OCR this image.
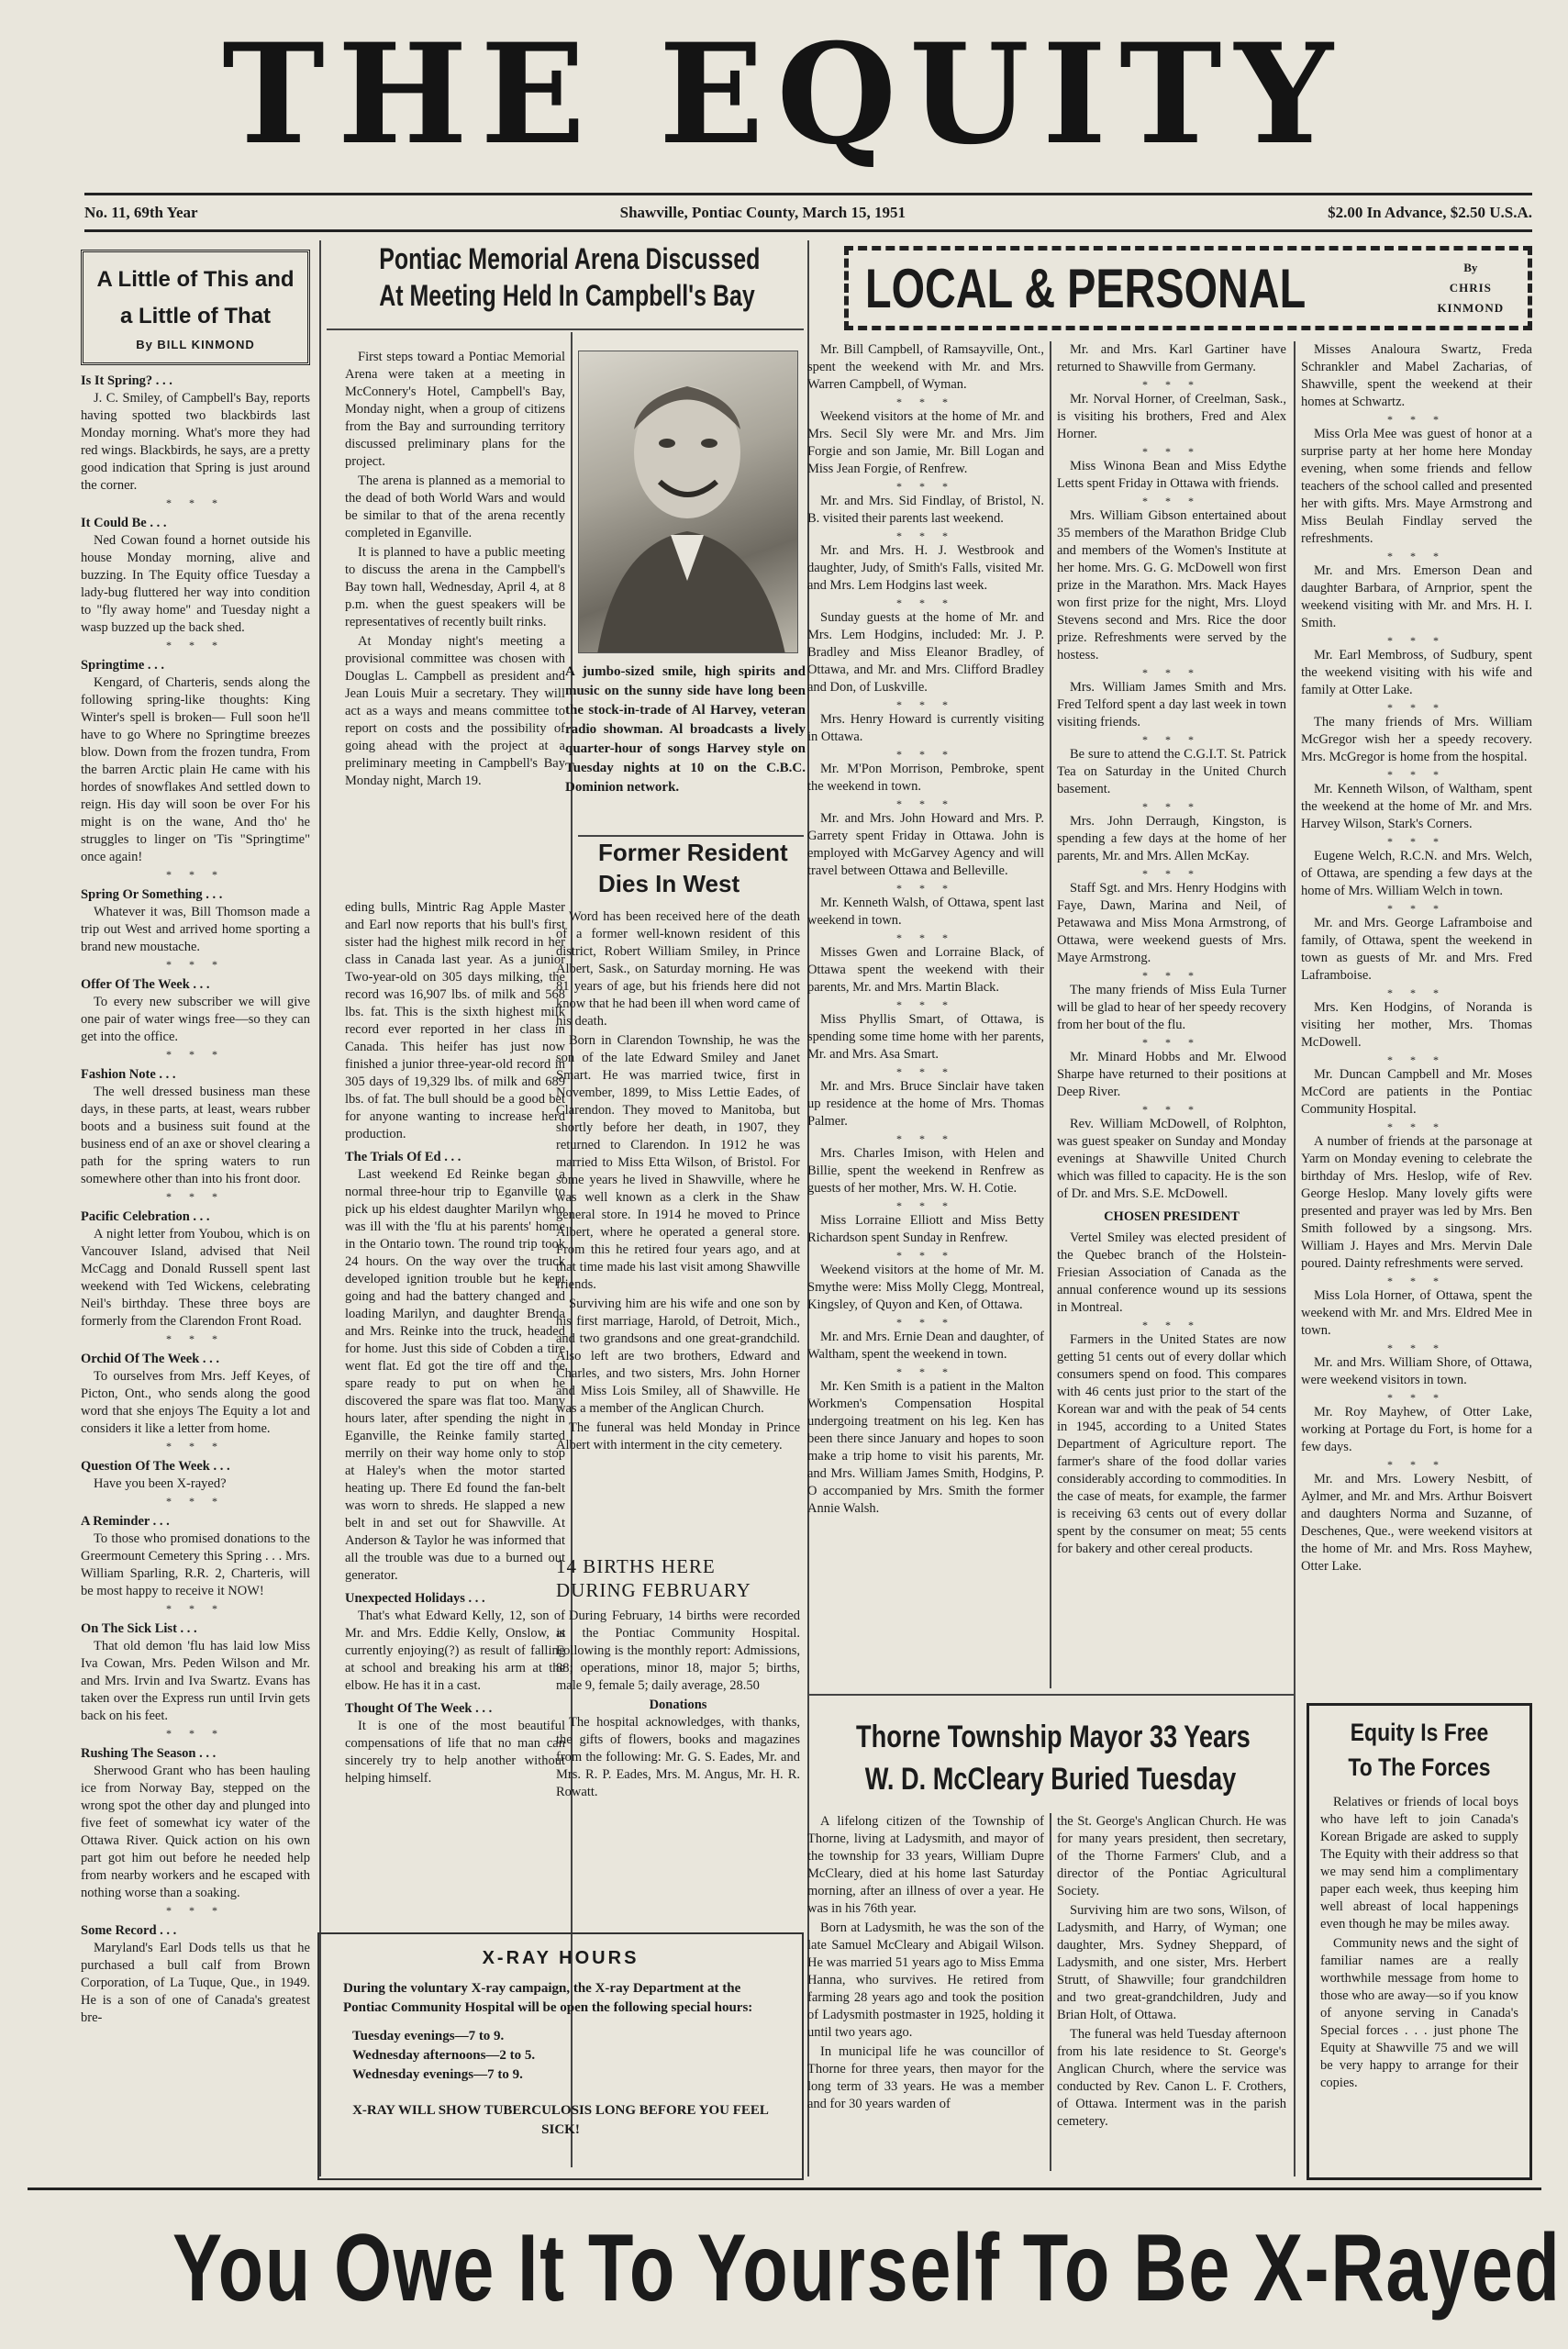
THE EQUITY
No. 11, 69th Year	Shawville, Pontiac County, March 15, 1951	$2.00 In Advance, $2.50 U.S.A.
A Little of This and
a Little of That
By BILL KINMOND
Is It Spring? . . .

J. C. Smiley, of Campbell's Bay, reports having spotted two blackbirds last Monday morning. What's more they had red wings. Blackbirds, he says, are a pretty good indication that Spring is just around the corner.

* * *
It Could Be . . .

Ned Cowan found a hornet outside his house Monday morning, alive and buzzing. In The Equity office Tuesday a lady-bug fluttered her way into condition to "fly away home" and Tuesday night a wasp buzzed up the back shed.

* * *
Springtime . . .

Kengard, of Charteris, sends along the following spring-like thoughts: King Winter's spell is broken— Full soon he'll have to go Where no Springtime breezes blow. Down from the frozen tundra, From the barren Arctic plain He came with his hordes of snowflakes And settled down to reign. His day will soon be over For his might is on the wane, And tho' he struggles to linger on 'Tis "Springtime" once again!

* * *
Spring Or Something . . .

Whatever it was, Bill Thomson made a trip out West and arrived home sporting a brand new moustache.

* * *
Offer Of The Week . . .

To every new subscriber we will give one pair of water wings free—so they can get into the office.

* * *
Fashion Note . . .

The well dressed business man these days, in these parts, at least, wears rubber boots and a business suit found at the business end of an axe or shovel clearing a path for the spring waters to run somewhere other than into his front door.

* * *
Pacific Celebration . . .

A night letter from Youbou, which is on Vancouver Island, advised that Neil McCagg and Donald Russell spent last weekend with Ted Wickens, celebrating Neil's birthday. These three boys are formerly from the Clarendon Front Road.

* * *
Orchid Of The Week . . .

To ourselves from Mrs. Jeff Keyes, of Picton, Ont., who sends along the good word that she enjoys The Equity a lot and considers it like a letter from home.

* * *
Question Of The Week . . .

Have you been X-rayed?

* * *
A Reminder . . .

To those who promised donations to the Greermount Cemetery this Spring . . . Mrs. William Sparling, R.R. 2, Charteris, will be most happy to receive it NOW!

* * *
On The Sick List . . .

That old demon 'flu has laid low Miss Iva Cowan, Mrs. Peden Wilson and Mr. and Mrs. Irvin and Iva Swartz. Evans has taken over the Express run until Irvin gets back on his feet.

* * *
Rushing The Season . . .

Sherwood Grant who has been hauling ice from Norway Bay, stepped on the wrong spot the other day and plunged into five feet of somewhat icy water of the Ottawa River. Quick action on his own part got him out before he needed help from nearby workers and he escaped with nothing worse than a soaking.

* * *
Some Record . . .

Maryland's Earl Dods tells us that he purchased a bull calf from Brown Corporation, of La Tuque, Que., in 1949. He is a son of one of Canada's greatest bre-

Pontiac Memorial Arena Discussed
At Meeting Held In Campbell's Bay

First steps toward a Pontiac Memorial Arena were taken at a meeting in McConnery's Hotel, Campbell's Bay, Monday night, when a group of citizens from the Bay and surrounding territory discussed preliminary plans for the project.

The arena is planned as a memorial to the dead of both World Wars and would be similar to that of the arena recently completed in Eganville.

It is planned to have a public meeting to discuss the arena in the Campbell's Bay town hall, Wednesday, April 4, at 8 p.m. when the guest speakers will be representatives of recently built rinks.

At Monday night's meeting a provisional committee was chosen with Douglas L. Campbell as president and Jean Louis Muir a secretary. They will act as a ways and means committee to report on costs and the possibility of going ahead with the project at a preliminary meeting in Campbell's Bay Monday night, March 19.

A jumbo-sized smile, high spirits and music on the sunny side have long been the stock-in-trade of Al Harvey, veteran radio showman. Al broadcasts a lively quarter-hour of songs Harvey style on Tuesday nights at 10 on the C.B.C. Dominion network.

eding bulls, Mintric Rag Apple Master and Earl now reports that his bull's first sister had the highest milk record in her class in Canada last year. As a junior Two-year-old on 305 days milking, the record was 16,907 lbs. of milk and 568 lbs. fat. This is the sixth highest milk record ever reported in her class in Canada. This heifer has just now finished a junior three-year-old record in 305 days of 19,329 lbs. of milk and 689 lbs. of fat. The bull should be a good bet for anyone wanting to increase herd production.

The Trials Of Ed . . .

Last weekend Ed Reinke began a normal three-hour trip to Eganville to pick up his eldest daughter Marilyn who was ill with the 'flu at his parents' home in the Ontario town. The round trip took 24 hours. On the way over the truck developed ignition trouble but he kept going and had the battery changed and loading Marilyn, and daughter Brenda and Mrs. Reinke into the truck, headed for home. Just this side of Cobden a tire went flat. Ed got the tire off and the spare ready to put on when he discovered the spare was flat too. Many hours later, after spending the night in Eganville, the Reinke family started merrily on their way home only to stop at Haley's when the motor started heating up. There Ed found the fan-belt was worn to shreds. He slapped a new belt in and set out for Shawville. At Anderson & Taylor he was informed that all the trouble was due to a burned out generator.

Unexpected Holidays . . .

That's what Edward Kelly, 12, son of Mr. and Mrs. Eddie Kelly, Onslow, is currently enjoying(?) as result of falling at school and breaking his arm at the elbow. He has it in a cast.

Thought Of The Week . . .

It is one of the most beautiful compensations of life that no man can sincerely try to help another without helping himself.

Former Resident
Dies In West

Word has been received here of the death of a former well-known resident of this district, Robert William Smiley, in Prince Albert, Sask., on Saturday morning. He was 81 years of age, but his friends here did not know that he had been ill when word came of his death.

Born in Clarendon Township, he was the son of the late Edward Smiley and Janet Smart. He was married twice, first in November, 1899, to Miss Lettie Eades, of Clarendon. They moved to Manitoba, but shortly before her death, in 1907, they returned to Clarendon. In 1912 he was married to Miss Etta Wilson, of Bristol. For some years he lived in Shawville, where he was well known as a clerk in the Shaw general store. In 1914 he moved to Prince Albert, where he operated a general store. From this he retired four years ago, and at that time made his last visit among Shawville friends.

Surviving him are his wife and one son by his first marriage, Harold, of Detroit, Mich., and two grandsons and one great-grandchild. Also left are two brothers, Edward and Charles, and two sisters, Mrs. John Horner and Miss Lois Smiley, all of Shawville. He was a member of the Anglican Church.

The funeral was held Monday in Prince Albert with interment in the city cemetery.

14 BIRTHS HERE
DURING FEBRUARY

During February, 14 births were recorded at the Pontiac Community Hospital. Following is the monthly report: Admissions, 88; operations, minor 18, major 5; births, male 9, female 5; daily average, 28.50

Donations

The hospital acknowledges, with thanks, the gifts of flowers, books and magazines from the following: Mr. G. S. Eades, Mr. and Mrs. R. P. Eades, Mrs. M. Angus, Mr. H. R. Rowatt.

X-RAY HOURS
During the voluntary X-ray campaign, the X-ray Department at the Pontiac Community Hospital will be open the following special hours:
Tuesday evenings—7 to 9.
Wednesday afternoons—2 to 5.
Wednesday evenings—7 to 9.
X-RAY WILL SHOW TUBERCULOSIS LONG BEFORE YOU FEEL SICK!
LOCAL & PERSONAL	By
CHRIS KINMOND

Mr. Bill Campbell, of Ramsayville, Ont., spent the weekend with Mr. and Mrs. Warren Campbell, of Wyman.

* * *

Weekend visitors at the home of Mr. and Mrs. Secil Sly were Mr. and Mrs. Jim Forgie and son Jamie, Mr. Bill Logan and Miss Jean Forgie, of Renfrew.

* * *

Mr. and Mrs. Sid Findlay, of Bristol, N. B. visited their parents last weekend.

* * *

Mr. and Mrs. H. J. Westbrook and daughter, Judy, of Smith's Falls, visited Mr. and Mrs. Lem Hodgins last week.

* * *

Sunday guests at the home of Mr. and Mrs. Lem Hodgins, included: Mr. J. P. Bradley and Miss Eleanor Bradley, of Ottawa, and Mr. and Mrs. Clifford Bradley and Don, of Luskville.

* * *

Mrs. Henry Howard is currently visiting in Ottawa.

* * *

Mr. M'Pon Morrison, Pembroke, spent the weekend in town.

* * *

Mr. and Mrs. John Howard and Mrs. P. Garrety spent Friday in Ottawa. John is employed with McGarvey Agency and will travel between Ottawa and Belleville.

* * *

Mr. Kenneth Walsh, of Ottawa, spent last weekend in town.

* * *

Misses Gwen and Lorraine Black, of Ottawa spent the weekend with their parents, Mr. and Mrs. Martin Black.

* * *

Miss Phyllis Smart, of Ottawa, is spending some time home with her parents, Mr. and Mrs. Asa Smart.

* * *

Mr. and Mrs. Bruce Sinclair have taken up residence at the home of Mrs. Thomas Palmer.

* * *

Mrs. Charles Imison, with Helen and Billie, spent the weekend in Renfrew as guests of her mother, Mrs. W. H. Cotie.

* * *

Miss Lorraine Elliott and Miss Betty Richardson spent Sunday in Renfrew.

* * *

Weekend visitors at the home of Mr. M. Smythe were: Miss Molly Clegg, Montreal, Kingsley, of Quyon and Ken, of Ottawa.

* * *

Mr. and Mrs. Ernie Dean and daughter, of Waltham, spent the weekend in town.

* * *

Mr. Ken Smith is a patient in the Malton Workmen's Compensation Hospital undergoing treatment on his leg. Ken has been there since January and hopes to soon make a trip home to visit his parents, Mr. and Mrs. William James Smith, Hodgins, P. O accompanied by Mrs. Smith the former Annie Walsh.

Mr. and Mrs. Karl Gartiner have returned to Shawville from Germany.

* * *

Mr. Norval Horner, of Creelman, Sask., is visiting his brothers, Fred and Alex Horner.

* * *

Miss Winona Bean and Miss Edythe Letts spent Friday in Ottawa with friends.

* * *

Mrs. William Gibson entertained about 35 members of the Marathon Bridge Club and members of the Women's Institute at her home. Mrs. G. G. McDowell won first prize in the Marathon. Mrs. Mack Hayes won first prize for the night, Mrs. Lloyd Stevens second and Mrs. Rice the door prize. Refreshments were served by the hostess.

* * *

Mrs. William James Smith and Mrs. Fred Telford spent a day last week in town visiting friends.

* * *

Be sure to attend the C.G.I.T. St. Patrick Tea on Saturday in the United Church basement.

* * *

Mrs. John Derraugh, Kingston, is spending a few days at the home of her parents, Mr. and Mrs. Allen McKay.

* * *

Staff Sgt. and Mrs. Henry Hodgins with Faye, Dawn, Marina and Neil, of Petawawa and Miss Mona Armstrong, of Ottawa, were weekend guests of Mrs. Maye Armstrong.

* * *

The many friends of Miss Eula Turner will be glad to hear of her speedy recovery from her bout of the flu.

* * *

Mr. Minard Hobbs and Mr. Elwood Sharpe have returned to their positions at Deep River.

* * *

Rev. William McDowell, of Rolphton, was guest speaker on Sunday and Monday evenings at Shawville United Church which was filled to capacity. He is the son of Dr. and Mrs. S.E. McDowell.

CHOSEN PRESIDENT

Vertel Smiley was elected president of the Quebec branch of the Holstein-Friesian Association of Canada as the annual conference wound up its sessions in Montreal.

* * *

Farmers in the United States are now getting 51 cents out of every dollar which consumers spend on food. This compares with 46 cents just prior to the start of the Korean war and with the peak of 54 cents in 1945, according to a United States Department of Agriculture report. The farmer's share of the food dollar varies considerably according to commodities. In the case of meats, for example, the farmer is receiving 63 cents out of every dollar spent by the consumer on meat; 55 cents for bakery and other cereal products.

Misses Analoura Swartz, Freda Schrankler and Mabel Zacharias, of Shawville, spent the weekend at their homes at Schwartz.

* * *

Miss Orla Mee was guest of honor at a surprise party at her home here Monday evening, when some friends and fellow teachers of the school called and presented her with gifts. Mrs. Maye Armstrong and Miss Beulah Findlay served the refreshments.

* * *

Mr. and Mrs. Emerson Dean and daughter Barbara, of Arnprior, spent the weekend visiting with Mr. and Mrs. H. I. Smith.

* * *

Mr. Earl Membross, of Sudbury, spent the weekend visiting with his wife and family at Otter Lake.

* * *

The many friends of Mrs. William McGregor wish her a speedy recovery. Mrs. McGregor is home from the hospital.

* * *

Mr. Kenneth Wilson, of Waltham, spent the weekend at the home of Mr. and Mrs. Harvey Wilson, Stark's Corners.

* * *

Eugene Welch, R.C.N. and Mrs. Welch, of Ottawa, are spending a few days at the home of Mrs. William Welch in town.

* * *

Mr. and Mrs. George Laframboise and family, of Ottawa, spent the weekend in town as guests of Mr. and Mrs. Fred Laframboise.

* * *

Mrs. Ken Hodgins, of Noranda is visiting her mother, Mrs. Thomas McDowell.

* * *

Mr. Duncan Campbell and Mr. Moses McCord are patients in the Pontiac Community Hospital.

* * *

A number of friends at the parsonage at Yarm on Monday evening to celebrate the birthday of Mrs. Heslop, wife of Rev. George Heslop. Many lovely gifts were presented and prayer was led by Mrs. Ben Smith followed by a singsong. Mrs. William J. Hayes and Mrs. Mervin Dale poured. Dainty refreshments were served.

* * *

Miss Lola Horner, of Ottawa, spent the weekend with Mr. and Mrs. Eldred Mee in town.

* * *

Mr. and Mrs. William Shore, of Ottawa, were weekend visitors in town.

* * *

Mr. Roy Mayhew, of Otter Lake, working at Portage du Fort, is home for a few days.

* * *

Mr. and Mrs. Lowery Nesbitt, of Aylmer, and Mr. and Mrs. Arthur Boisvert and daughters Norma and Suzanne, of Deschenes, Que., were weekend visitors at the home of Mr. and Mrs. Ross Mayhew, Otter Lake.

Thorne Township Mayor 33 Years
W. D. McCleary Buried Tuesday

A lifelong citizen of the Township of Thorne, living at Ladysmith, and mayor of the township for 33 years, William Dupre McCleary, died at his home last Saturday morning, after an illness of over a year. He was in his 76th year.

Born at Ladysmith, he was the son of the late Samuel McCleary and Abigail Wilson. He was married 51 years ago to Miss Emma Hanna, who survives. He retired from farming 28 years ago and took the position of Ladysmith postmaster in 1925, holding it until two years ago.

In municipal life he was councillor of Thorne for three years, then mayor for the long term of 33 years. He was a member and for 30 years warden of

the St. George's Anglican Church. He was for many years president, then secretary, of the Thorne Farmers' Club, and a director of the Pontiac Agricultural Society.

Surviving him are two sons, Wilson, of Ladysmith, and Harry, of Wyman; one daughter, Mrs. Sydney Sheppard, of Ladysmith, and one sister, Mrs. Herbert Strutt, of Shawville; four grandchildren and two great-grandchildren, Judy and Brian Holt, of Ottawa.

The funeral was held Tuesday afternoon from his late residence to St. George's Anglican Church, where the service was conducted by Rev. Canon L. F. Crothers, of Ottawa. Interment was in the parish cemetery.

Equity Is Free
To The Forces

Relatives or friends of local boys who have left to join Canada's Korean Brigade are asked to supply The Equity with their address so that we may send him a complimentary paper each week, thus keeping him well abreast of local happenings even though he may be miles away.

Community news and the sight of familiar names are a really worthwhile message from home to those who are away—so if you know of anyone serving in Canada's Special forces . . . just phone The Equity at Shawville 75 and we will be very happy to arrange for their copies.

You Owe It To Yourself To Be X-Rayed
